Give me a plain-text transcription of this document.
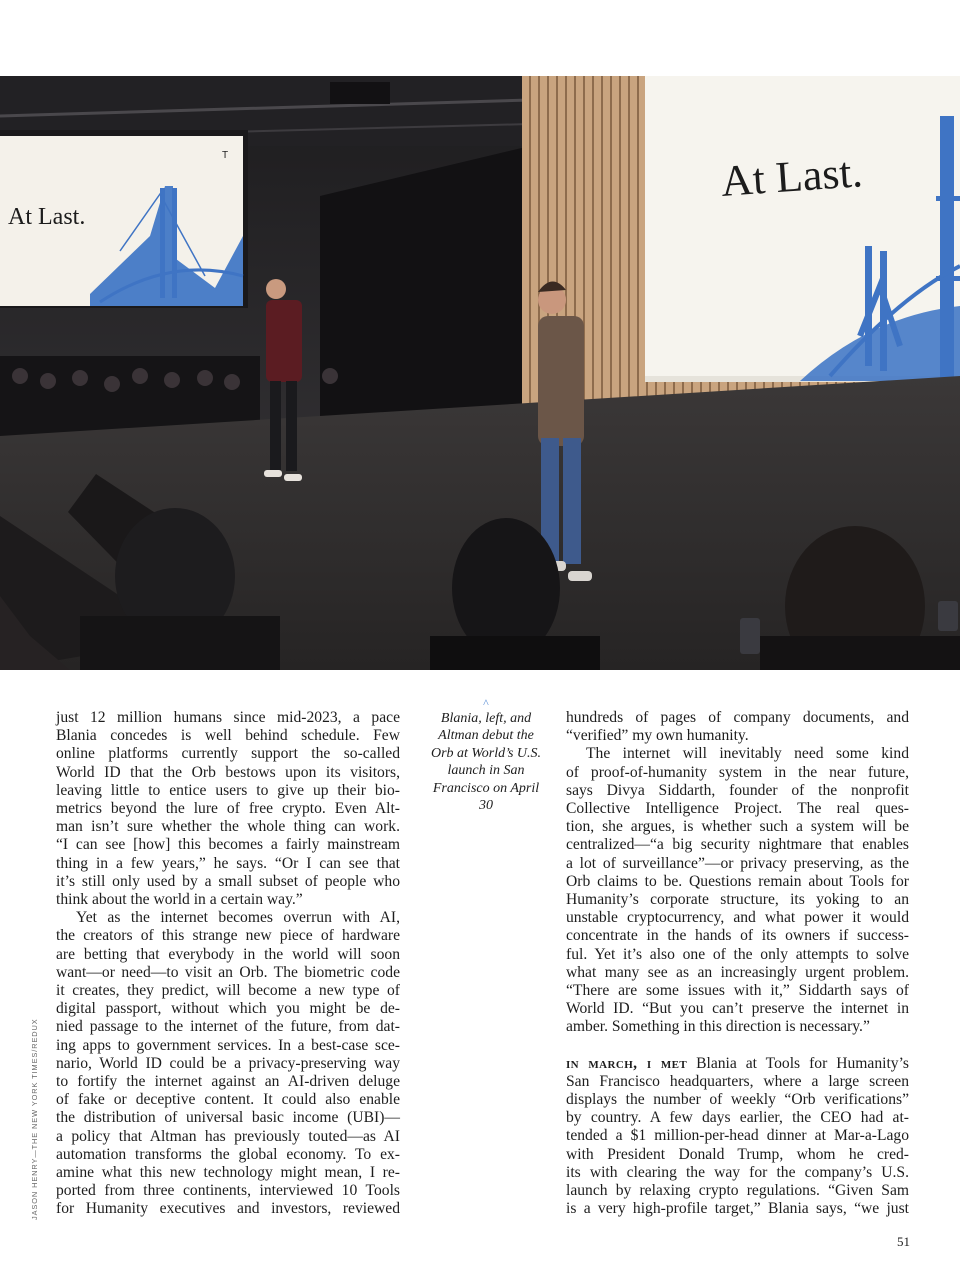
T
At Last.
At Last.
^
Blania, left, and Altman debut the Orb at World’s U.S. launch in San Francisco on April 30

just 12 million humans since mid-2023, a pace
Blania concedes is well behind schedule. Few
online platforms currently support the so-called
World ID that the Orb bestows upon its visitors,
leaving little to entice users to give up their bio-
metrics beyond the lure of free crypto. Even Alt-
man isn’t sure whether the whole thing can work.
“I can see [how] this becomes a fairly mainstream
thing in a few years,” he says. “Or I can see that
it’s still only used by a small subset of people who
think about the world in a certain way.”

Yet as the internet becomes overrun with AI,
the creators of this strange new piece of hardware
are betting that everybody in the world will soon
want—or need—to visit an Orb. The biometric code
it creates, they predict, will become a new type of
digital passport, without which you might be de-
nied passage to the internet of the future, from dat-
ing apps to government services. In a best-case sce-
nario, World ID could be a privacy-preserving way
to fortify the internet against an AI-driven deluge
of fake or deceptive content. It could also enable
the distribution of universal basic income (UBI)—
a policy that Altman has previously touted—as AI
automation transforms the global economy. To ex-
amine what this new technology might mean, I re-
ported from three continents, interviewed 10 Tools
for Humanity executives and investors, reviewed

hundreds of pages of company documents, and
“verified” my own humanity.

The internet will inevitably need some kind
of proof-of-humanity system in the near future,
says Divya Siddarth, founder of the nonprofit
Collective Intelligence Project. The real ques-
tion, she argues, is whether such a system will be
centralized—“a big security nightmare that enables
a lot of surveillance”—or privacy preserving, as the
Orb claims to be. Questions remain about Tools for
Humanity’s corporate structure, its yoking to an
unstable cryptocurrency, and what power it would
concentrate in the hands of its owners if success-
ful. Yet it’s also one of the only attempts to solve
what many see as an increasingly urgent problem.
“There are some issues with it,” Siddarth says of
World ID. “But you can’t preserve the internet in
amber. Something in this direction is necessary.”

in march, i met Blania at Tools for Humanity’s
San Francisco headquarters, where a large screen
displays the number of weekly “Orb verifications”
by country. A few days earlier, the CEO had at-
tended a $1 million-per-head dinner at Mar-a-Lago
with President Donald Trump, whom he cred-
its with clearing the way for the company’s U.S.
launch by relaxing crypto regulations. “Given Sam
is a very high-profile target,” Blania says, “we just

JASON HENRY—THE NEW YORK TIMES/REDUX
51
